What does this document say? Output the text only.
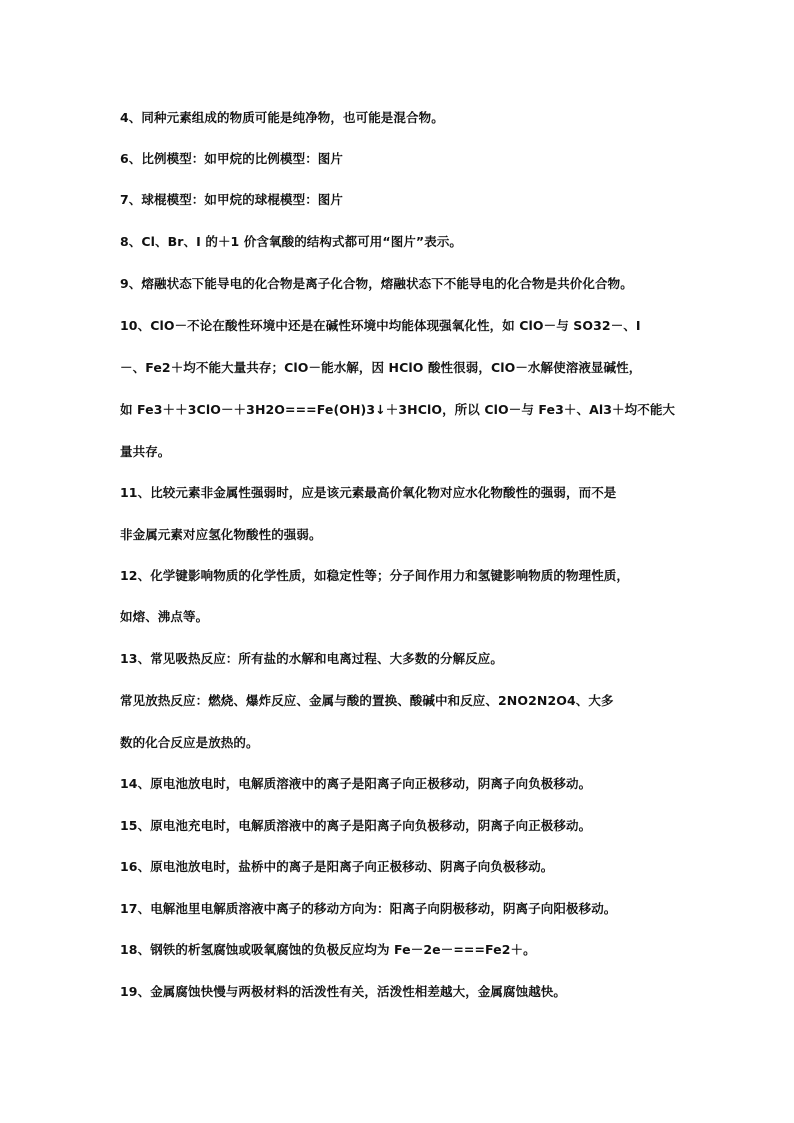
4、同种元素组成的物质可能是纯净物，也可能是混合物。
6、比例模型：如甲烷的比例模型：图片
7、球棍模型：如甲烷的球棍模型：图片
8、Cl、Br、I 的＋1 价含氧酸的结构式都可用“图片”表示。
9、熔融状态下能导电的化合物是离子化合物，熔融状态下不能导电的化合物是共价化合物。
10、ClO－不论在酸性环境中还是在碱性环境中均能体现强氧化性，如 ClO－与 SO32－、I
－、Fe2＋均不能大量共存；ClO－能水解，因 HClO 酸性很弱，ClO－水解使溶液显碱性，
如 Fe3＋＋3ClO－＋3H2O===Fe(OH)3↓＋3HClO，所以 ClO－与 Fe3＋、Al3＋均不能大
量共存。
11、比较元素非金属性强弱时，应是该元素最高价氧化物对应水化物酸性的强弱，而不是
非金属元素对应氢化物酸性的强弱。
12、化学键影响物质的化学性质，如稳定性等；分子间作用力和氢键影响物质的物理性质，
如熔、沸点等。
13、常见吸热反应：所有盐的水解和电离过程、大多数的分解反应。
常见放热反应：燃烧、爆炸反应、金属与酸的置换、酸碱中和反应、2NO2N2O4、大多
数的化合反应是放热的。
14、原电池放电时，电解质溶液中的离子是阳离子向正极移动，阴离子向负极移动。
15、原电池充电时，电解质溶液中的离子是阳离子向负极移动，阴离子向正极移动。
16、原电池放电时，盐桥中的离子是阳离子向正极移动、阴离子向负极移动。
17、电解池里电解质溶液中离子的移动方向为：阳离子向阴极移动，阴离子向阳极移动。
18、钢铁的析氢腐蚀或吸氧腐蚀的负极反应均为 Fe－2e－===Fe2＋。
19、金属腐蚀快慢与两极材料的活泼性有关，活泼性相差越大，金属腐蚀越快。
